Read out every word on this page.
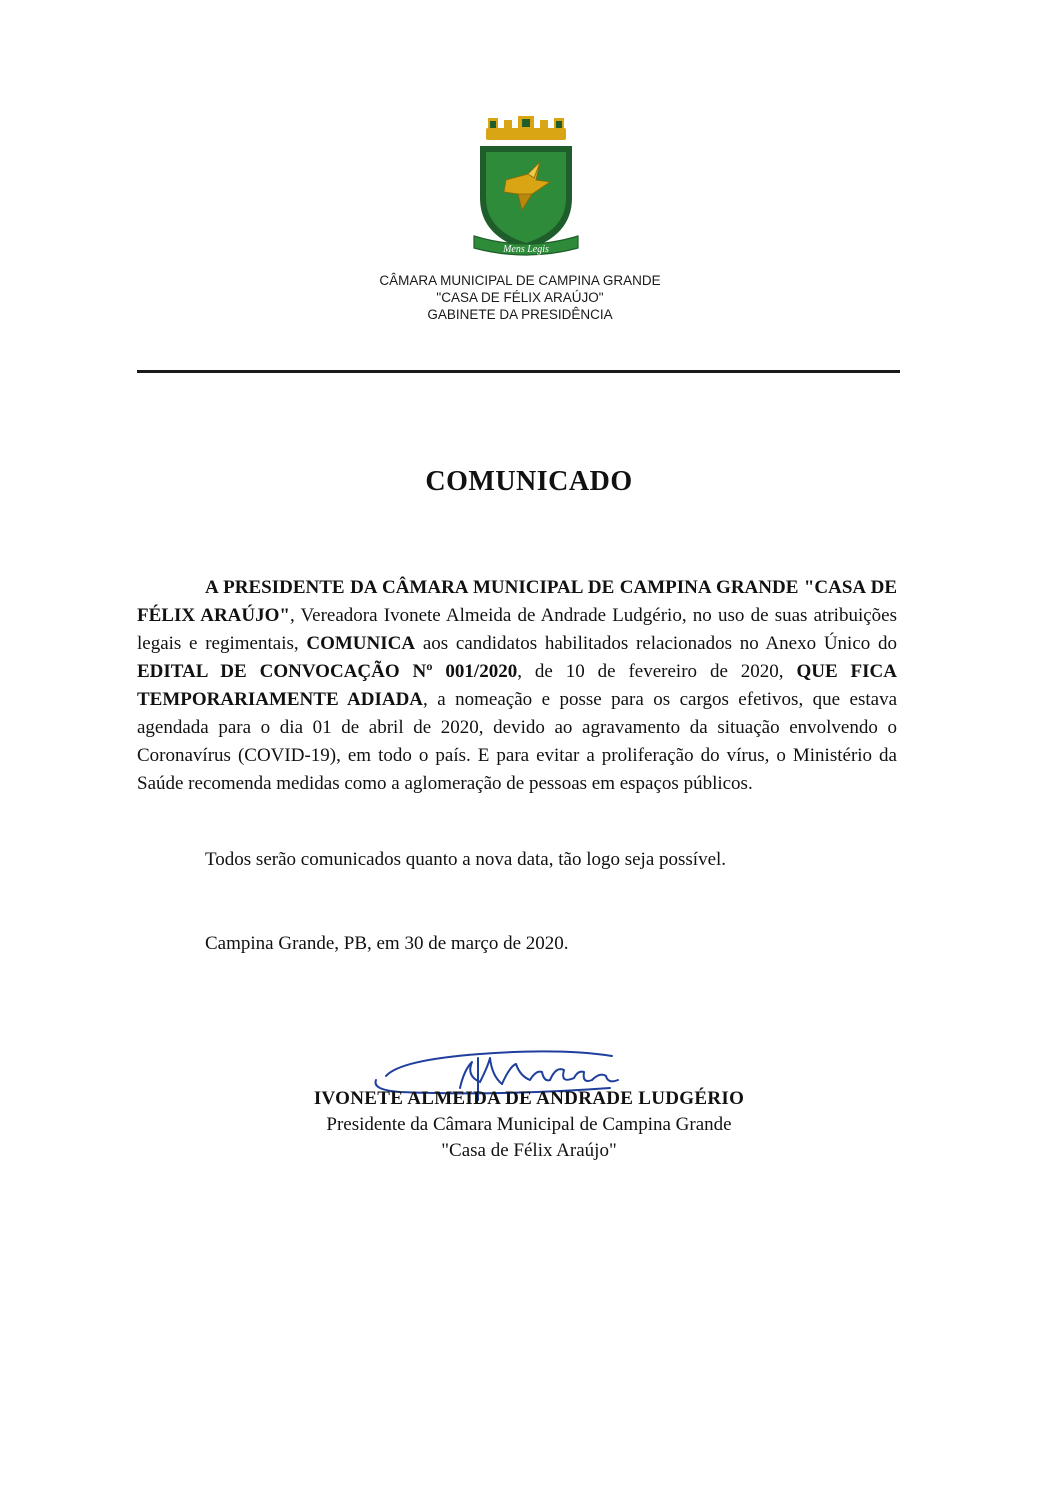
Mens Legis
CÂMARA MUNICIPAL DE CAMPINA GRANDE
"CASA DE FÉLIX ARAÚJO"
GABINETE DA PRESIDÊNCIA
COMUNICADO
A PRESIDENTE DA CÂMARA MUNICIPAL DE CAMPINA GRANDE "CASA DE FÉLIX ARAÚJO", Vereadora Ivonete Almeida de Andrade Ludgério, no uso de suas atribuições legais e regimentais, COMUNICA aos candidatos habilitados relacionados no Anexo Único do EDITAL DE CONVOCAÇÃO Nº 001/2020, de 10 de fevereiro de 2020, QUE FICA TEMPORARIAMENTE ADIADA, a nomeação e posse para os cargos efetivos, que estava agendada para o dia 01 de abril de 2020, devido ao agravamento da situação envolvendo o Coronavírus (COVID-19), em todo o país. E para evitar a proliferação do vírus, o Ministério da Saúde recomenda medidas como a aglomeração de pessoas em espaços públicos.
Todos serão comunicados quanto a nova data, tão logo seja possível.
Campina Grande, PB, em 30 de março de 2020.
IVONETE ALMEIDA DE ANDRADE LUDGÉRIO
Presidente da Câmara Municipal de Campina Grande
"Casa de Félix Araújo"
